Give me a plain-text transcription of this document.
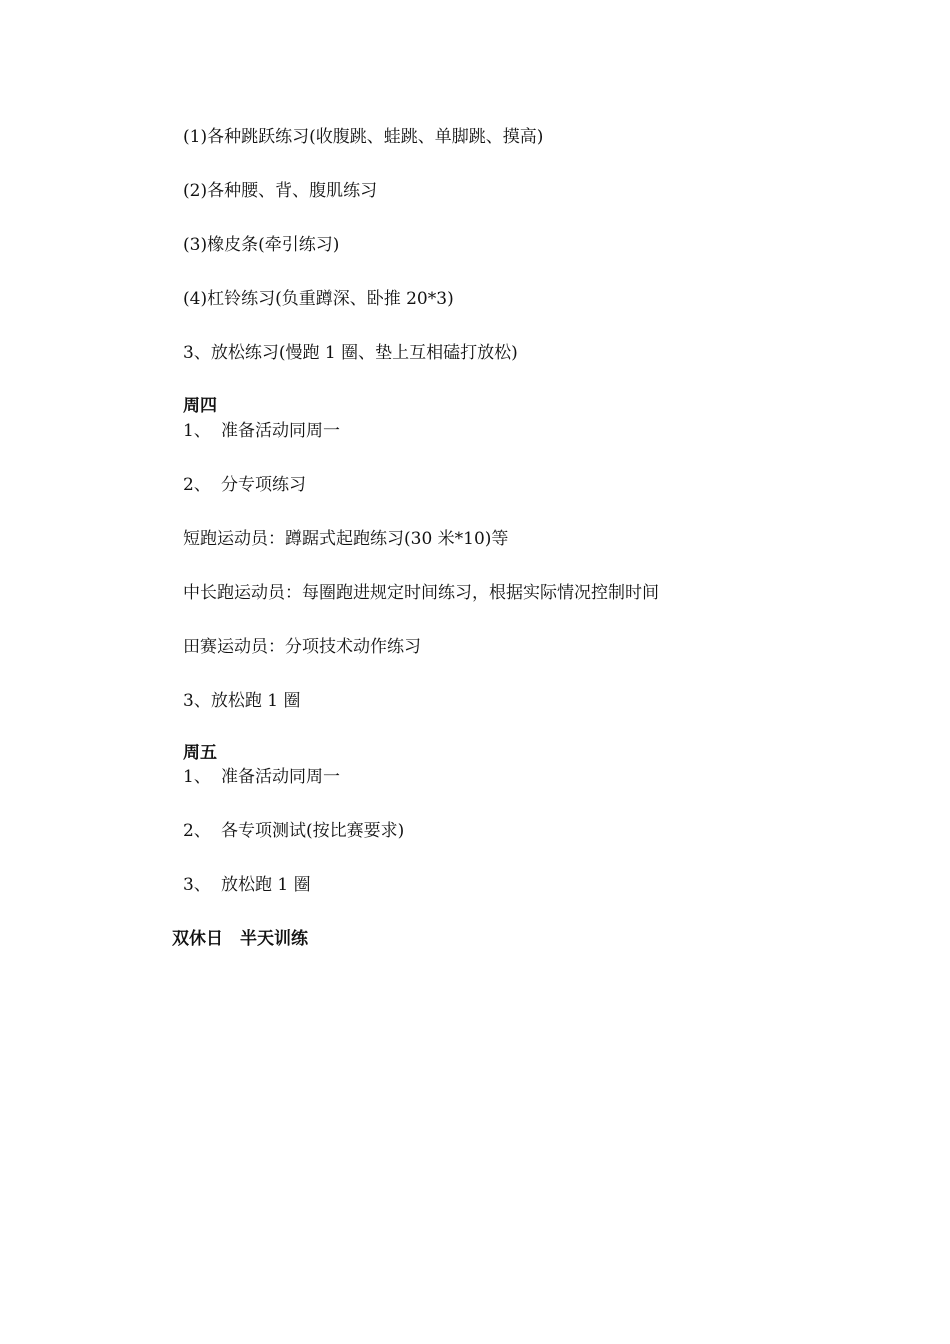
(1)各种跳跃练习(收腹跳、蛙跳、单脚跳、摸高)
(2)各种腰、背、腹肌练习
(3)橡皮条(牵引练习)
(4)杠铃练习(负重蹲深、卧推 20*3)
3、放松练习(慢跑 1 圈、垫上互相磕打放松)
周四
1、 准备活动同周一
2、 分专项练习
短跑运动员：蹲踞式起跑练习(30 米*10)等
中长跑运动员：每圈跑进规定时间练习，根据实际情况控制时间
田赛运动员：分项技术动作练习
3、放松跑 1 圈
周五
1、 准备活动同周一
2、 各专项测试(按比赛要求)
3、 放松跑 1 圈
双休日　半天训练
